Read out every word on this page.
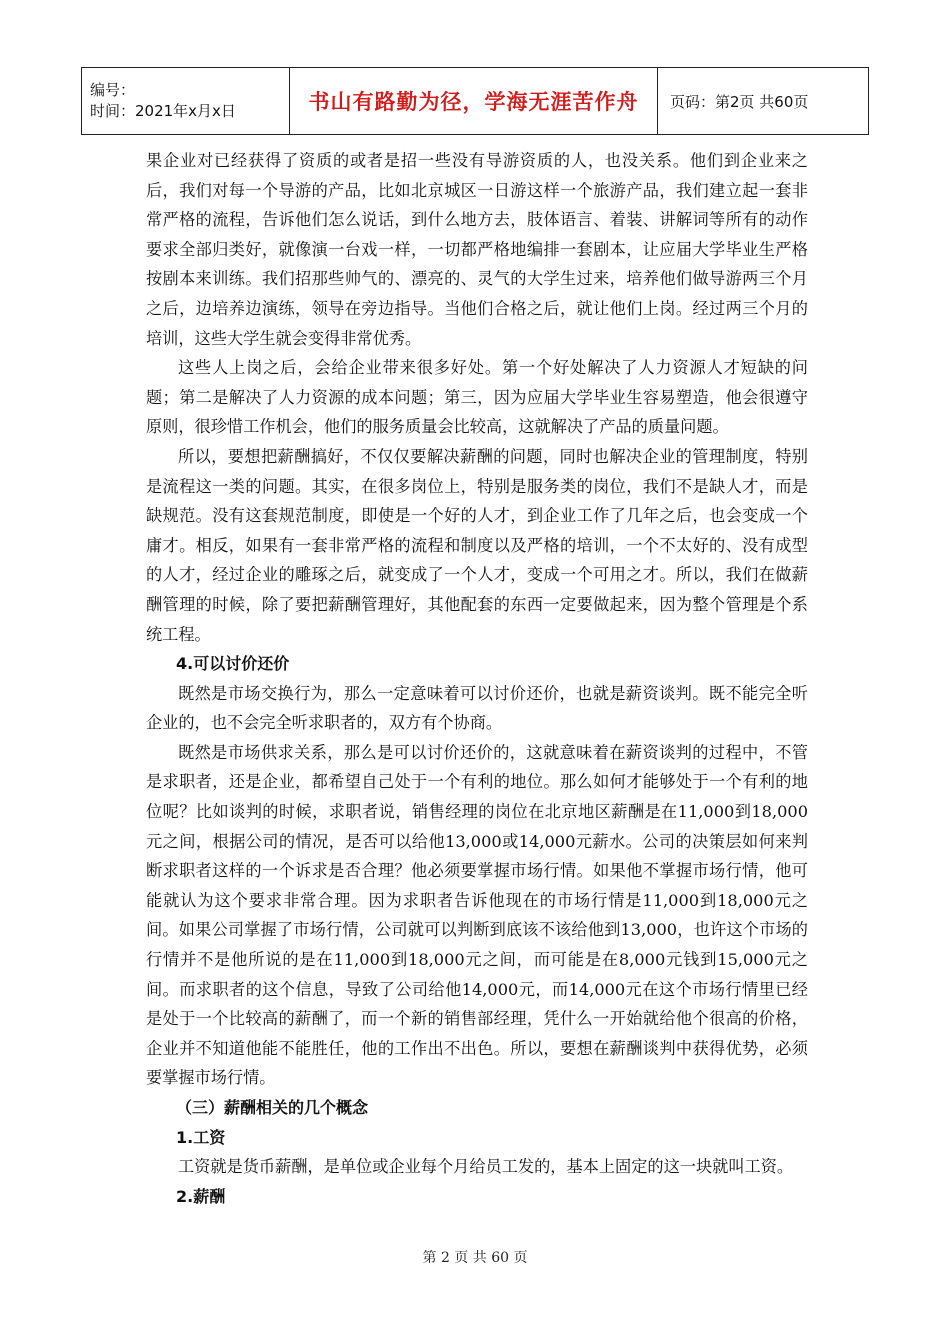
编号：
时间：2021年x月x日	书山有路勤为径，学海无涯苦作舟	页码：第2页 共60页

果企业对已经获得了资质的或者是招一些没有导游资质的人，也没关系。他们到企业来之后，我们对每一个导游的产品，比如北京城区一日游这样一个旅游产品，我们建立起一套非常严格的流程，告诉他们怎么说话，到什么地方去，肢体语言、着装、讲解词等所有的动作要求全部归类好，就像演一台戏一样，一切都严格地编排一套剧本，让应届大学毕业生严格按剧本来训练。我们招那些帅气的、漂亮的、灵气的大学生过来，培养他们做导游两三个月之后，边培养边演练，领导在旁边指导。当他们合格之后，就让他们上岗。经过两三个月的培训，这些大学生就会变得非常优秀。

这些人上岗之后，会给企业带来很多好处。第一个好处解决了人力资源人才短缺的问题；第二是解决了人力资源的成本问题；第三，因为应届大学毕业生容易塑造，他会很遵守原则，很珍惜工作机会，他们的服务质量会比较高，这就解决了产品的质量问题。

所以，要想把薪酬搞好，不仅仅要解决薪酬的问题，同时也解决企业的管理制度，特别是流程这一类的问题。其实，在很多岗位上，特别是服务类的岗位，我们不是缺人才，而是缺规范。没有这套规范制度，即使是一个好的人才，到企业工作了几年之后，也会变成一个庸才。相反，如果有一套非常严格的流程和制度以及严格的培训，一个不太好的、没有成型的人才，经过企业的雕琢之后，就变成了一个人才，变成一个可用之才。所以，我们在做薪酬管理的时候，除了要把薪酬管理好，其他配套的东西一定要做起来，因为整个管理是个系统工程。

4.可以讨价还价

既然是市场交换行为，那么一定意味着可以讨价还价，也就是薪资谈判。既不能完全听企业的，也不会完全听求职者的，双方有个协商。

既然是市场供求关系，那么是可以讨价还价的，这就意味着在薪资谈判的过程中，不管是求职者，还是企业，都希望自己处于一个有利的地位。那么如何才能够处于一个有利的地位呢？比如谈判的时候，求职者说，销售经理的岗位在北京地区薪酬是在11,000到18,000元之间，根据公司的情况，是否可以给他13,000或14,000元薪水。公司的决策层如何来判断求职者这样的一个诉求是否合理？他必须要掌握市场行情。如果他不掌握市场行情，他可能就认为这个要求非常合理。因为求职者告诉他现在的市场行情是11,000到18,000元之间。如果公司掌握了市场行情，公司就可以判断到底该不该给他到13,000，也许这个市场的行情并不是他所说的是在11,000到18,000元之间，而可能是在8,000元钱到15,000元之间。而求职者的这个信息，导致了公司给他14,000元，而14,000元在这个市场行情里已经是处于一个比较高的薪酬了，而一个新的销售部经理，凭什么一开始就给他个很高的价格，企业并不知道他能不能胜任，他的工作出不出色。所以，要想在薪酬谈判中获得优势，必须要掌握市场行情。

（三）薪酬相关的几个概念
1.工资

工资就是货币薪酬，是单位或企业每个月给员工发的，基本上固定的这一块就叫工资。

2.薪酬
第 2 页 共 60 页
